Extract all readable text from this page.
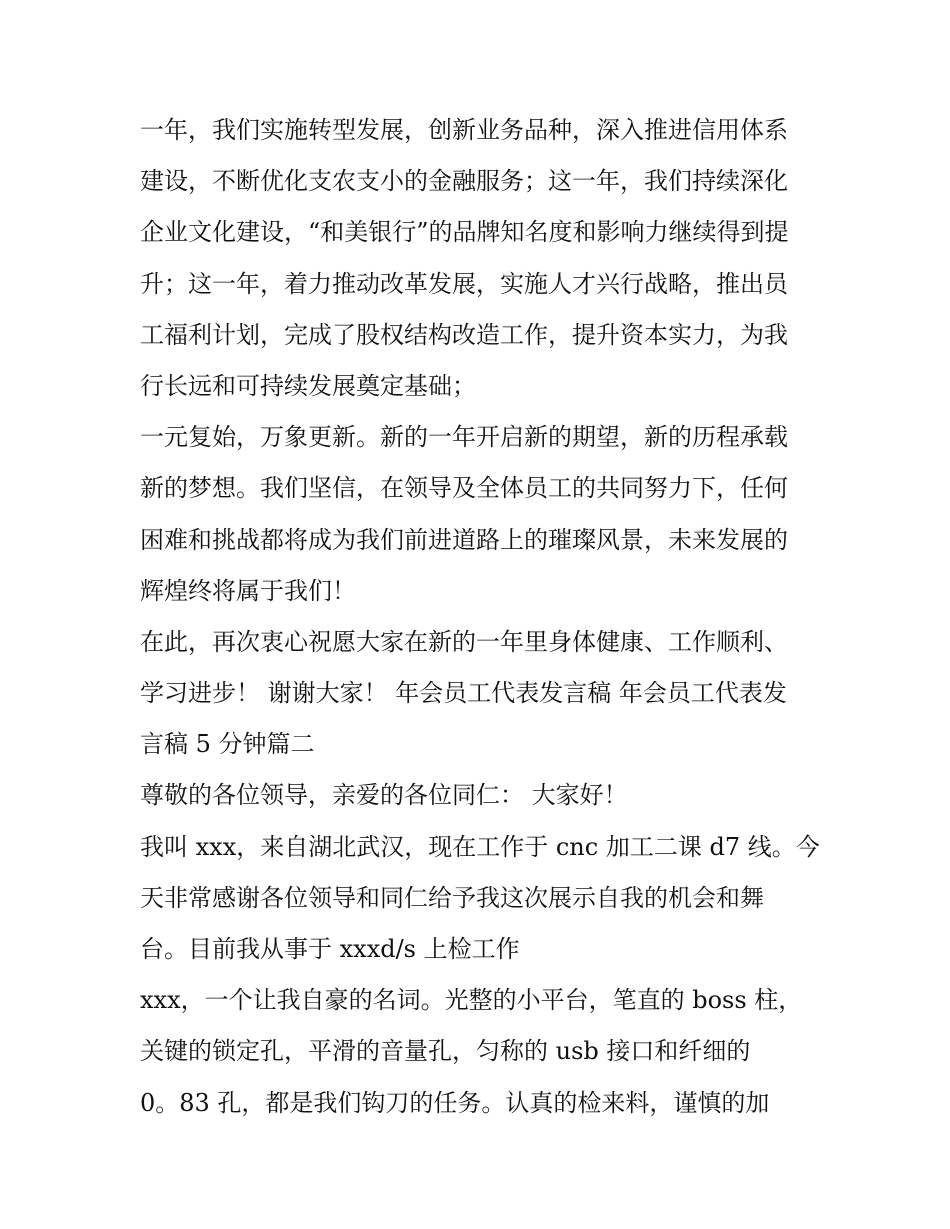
一年，我们实施转型发展，创新业务品种，深入推进信用体系
建设，不断优化支农支小的金融服务；这一年，我们持续深化
企业文化建设，“和美银行”的品牌知名度和影响力继续得到提
升；这一年，着力推动改革发展，实施人才兴行战略，推出员
工福利计划，完成了股权结构改造工作，提升资本实力，为我
行长远和可持续发展奠定基础；
一元复始，万象更新。新的一年开启新的期望，新的历程承载
新的梦想。我们坚信，在领导及全体员工的共同努力下，任何
困难和挑战都将成为我们前进道路上的璀璨风景，未来发展的
辉煌终将属于我们！
在此，再次衷心祝愿大家在新的一年里身体健康、工作顺利、
学习进步！ 谢谢大家！ 年会员工代表发言稿 年会员工代表发
言稿 5 分钟篇二
尊敬的各位领导，亲爱的各位同仁： 大家好！
我叫 xxx，来自湖北武汉，现在工作于 cnc 加工二课 d7 线。今
天非常感谢各位领导和同仁给予我这次展示自我的机会和舞
台。目前我从事于 xxxd/s 上检工作
xxx，一个让我自豪的名词。光整的小平台，笔直的 boss 柱，
关键的锁定孔，平滑的音量孔，匀称的 usb 接口和纤细的
0。83 孔，都是我们钩刀的任务。认真的检来料，谨慎的加
